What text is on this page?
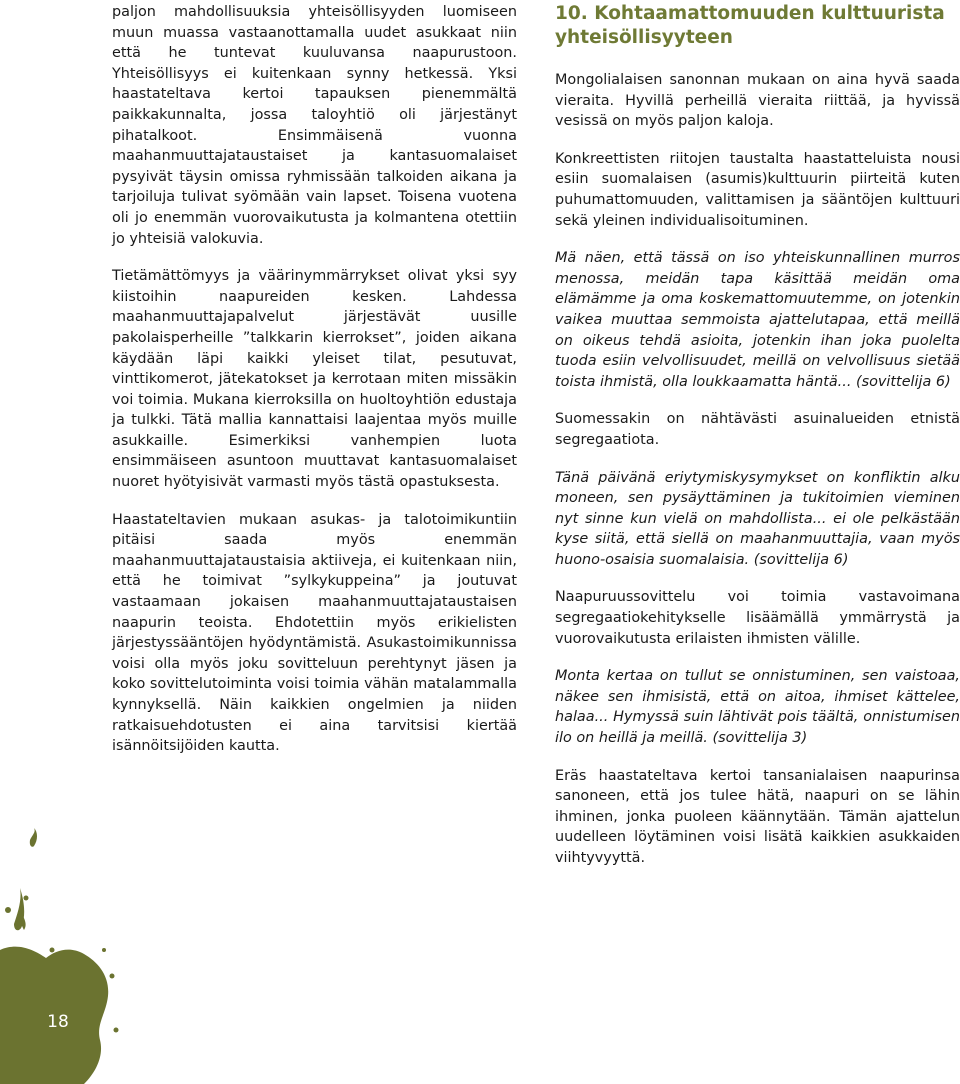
paljon mahdollisuuksia yhteisöllisyyden luomiseen muun muassa vastaanottamalla uudet asukkaat niin että he tuntevat kuuluvansa naapurustoon. Yhteisöllisyys ei kuitenkaan synny hetkessä. Yksi haastateltava kertoi tapauksen pienemmältä paikkakunnalta, jossa taloyhtiö oli järjestänyt pihatalkoot. Ensimmäisenä vuonna maahanmuuttajataustaiset ja kantasuomalaiset pysyivät täysin omissa ryhmissään talkoiden aikana ja tarjoiluja tulivat syömään vain lapset. Toisena vuotena oli jo enemmän vuorovaikutusta ja kolmantena otettiin jo yhteisiä valokuvia.

Tietämättömyys ja väärinymmärrykset olivat yksi syy kiistoihin naapureiden kesken. Lahdessa maahanmuuttajapalvelut järjestävät uusille pakolaisperheille ”talkkarin kierrokset”, joiden aikana käydään läpi kaikki yleiset tilat, pesutuvat, vinttikomerot, jätekatokset ja kerrotaan miten missäkin voi toimia. Mukana kierroksilla on huoltoyhtiön edustaja ja tulkki. Tätä mallia kannattaisi laajentaa myös muille asukkaille. Esimerkiksi vanhempien luota ensimmäiseen asuntoon muuttavat kantasuomalaiset nuoret hyötyisivät varmasti myös tästä opastuksesta.

Haastateltavien mukaan asukas- ja talotoimikuntiin pitäisi saada myös enemmän maahanmuuttajataustaisia aktiiveja, ei kuitenkaan niin, että he toimivat ”sylkykuppeina” ja joutuvat vastaamaan jokaisen maahanmuuttajataustaisen naapurin teoista. Ehdotettiin myös erikielisten järjestyssääntöjen hyödyntämistä. Asukastoimikunnissa voisi olla myös joku sovitteluun perehtynyt jäsen ja koko sovittelutoiminta voisi toimia vähän matalammalla kynnyksellä. Näin kaikkien ongelmien ja niiden ratkaisuehdotusten ei aina tarvitsisi kiertää isännöitsijöiden kautta.

10. Kohtaamattomuuden kulttuurista yhteisöllisyyteen

Mongolialaisen sanonnan mukaan on aina hyvä saada vieraita. Hyvillä perheillä vieraita riittää, ja hyvissä vesissä on myös paljon kaloja.

Konkreettisten riitojen taustalta haastatteluista nousi esiin suomalaisen (asumis)kulttuurin piirteitä kuten puhumattomuuden, valittamisen ja sääntöjen kulttuuri sekä yleinen individualisoituminen.

Mä näen, että tässä on iso yhteiskunnallinen murros menossa, meidän tapa käsittää meidän oma elämämme ja oma koskemattomuutemme, on jotenkin vaikea muuttaa semmoista ajattelutapaa, että meillä on oikeus tehdä asioita, jotenkin ihan joka puolelta tuoda esiin velvollisuudet, meillä on velvollisuus sietää toista ihmistä, olla loukkaamatta häntä... (sovittelija 6)

Suomessakin on nähtävästi asuinalueiden etnistä segregaatiota.

Tänä päivänä eriytymiskysymykset on konfliktin alku moneen, sen pysäyttäminen ja tukitoimien vieminen nyt sinne kun vielä on mahdollista... ei ole pelkästään kyse siitä, että siellä on maahanmuuttajia, vaan myös huono-osaisia suomalaisia. (sovittelija 6)

Naapuruussovittelu voi toimia vastavoimana segregaatiokehitykselle lisäämällä ymmärrystä ja vuorovaikutusta erilaisten ihmisten välille.

Monta kertaa on tullut se onnistuminen, sen vaistoaa, näkee sen ihmisistä, että on aitoa, ihmiset kättelee, halaa... Hymyssä suin lähtivät pois täältä, onnistumisen ilo on heillä ja meillä. (sovittelija 3)

Eräs haastateltava kertoi tansanialaisen naapurinsa sanoneen, että jos tulee hätä, naapuri on se lähin ihminen, jonka puoleen käännytään. Tämän ajattelun uudelleen löytäminen voisi lisätä kaikkien asukkaiden viihtyvyyttä.

18
